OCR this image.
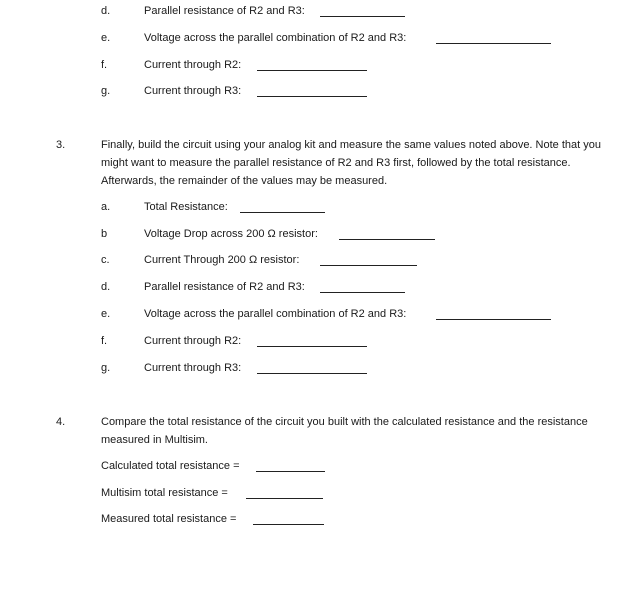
d.	Parallel resistance of R2 and R3:
e.	Voltage across the parallel combination of R2 and R3:
f.	Current through R2:
g.	Current through R3:
3.	Finally, build the circuit using your analog kit and measure the same values noted above. Note that you might want to measure the parallel resistance of R2 and R3 first, followed by the total resistance. Afterwards, the remainder of the values may be measured.
a.	Total Resistance:
b	Voltage Drop across 200 Ω resistor:
c.	Current Through 200 Ω resistor:
d.	Parallel resistance of R2 and R3:
e.	Voltage across the parallel combination of R2 and R3:
f.	Current through R2:
g.	Current through R3:
4.	Compare the total resistance of the circuit you built with the calculated resistance and the resistance measured in Multisim.
Calculated total resistance =
Multisim total resistance =
Measured total resistance =
